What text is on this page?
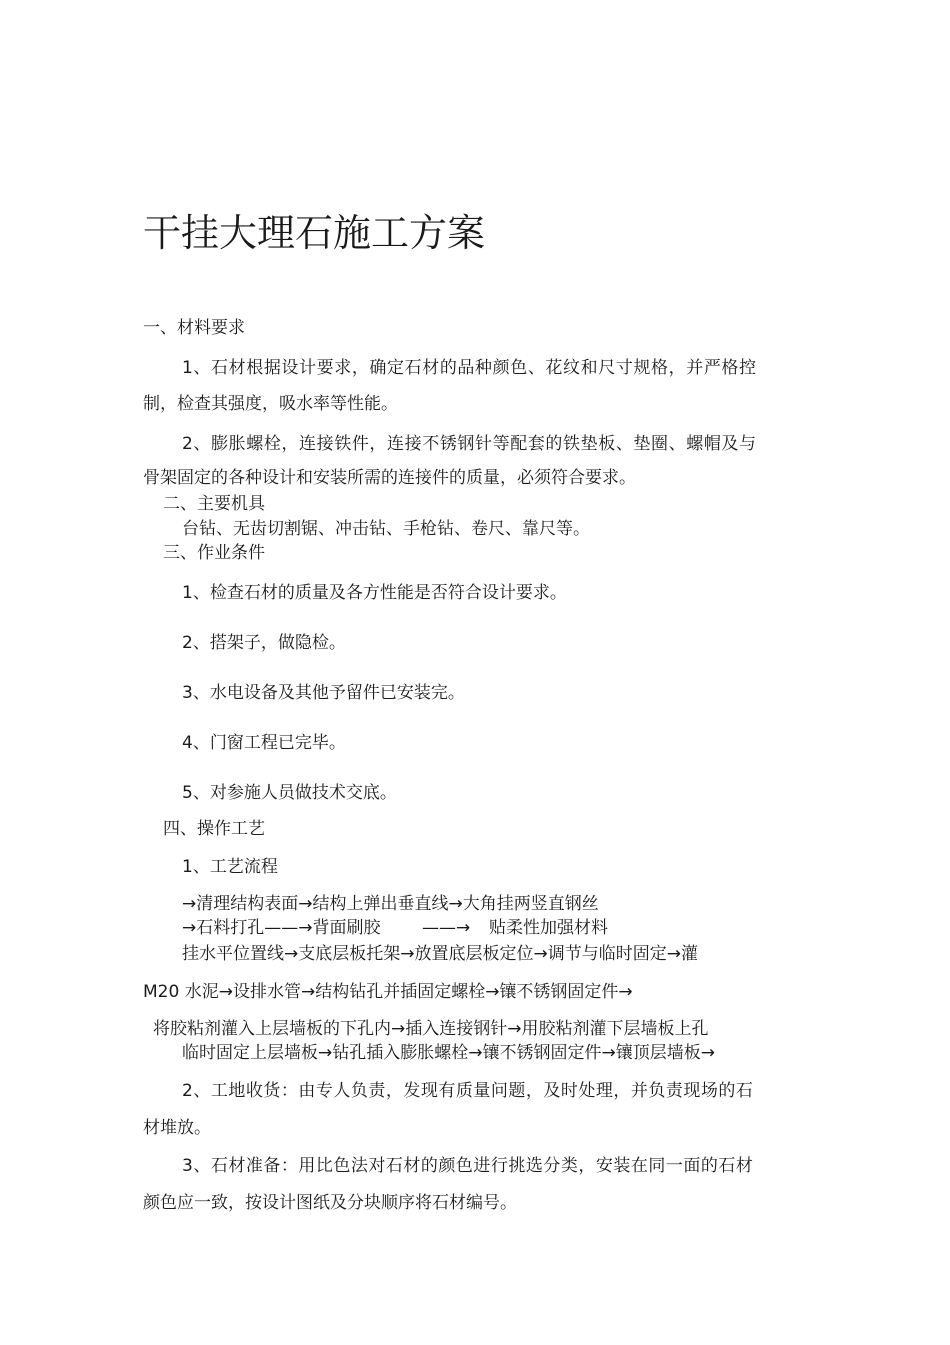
干挂大理石施工方案
一、材料要求
1、石材根据设计要求，确定石材的品种颜色、花纹和尺寸规格，并严格控
制，检查其强度，吸水率等性能。
2、膨胀螺栓，连接铁件，连接不锈钢针等配套的铁垫板、垫圈、螺帽及与
骨架固定的各种设计和安装所需的连接件的质量，必须符合要求。
二、主要机具
台钻、无齿切割锯、冲击钻、手枪钻、卷尺、靠尺等。
三、作业条件
1、检查石材的质量及各方性能是否符合设计要求。
2、搭架子，做隐检。
3、水电设备及其他予留件已安装完。
4、门窗工程已完毕。
5、对参施人员做技术交底。
四、操作工艺
1、工艺流程
→清理结构表面→结构上弹出垂直线→大角挂两竖直钢丝
→石料打孔——→背面刷胶 ——→ 贴柔性加强材料
挂水平位置线→支底层板托架→放置底层板定位→调节与临时固定→灌
M20 水泥→设排水管→结构钻孔并插固定螺栓→镶不锈钢固定件→
将胶粘剂灌入上层墙板的下孔内→插入连接钢针→用胶粘剂灌下层墙板上孔
临时固定上层墙板→钻孔插入膨胀螺栓→镶不锈钢固定件→镶顶层墙板→
2、工地收货：由专人负责，发现有质量问题，及时处理，并负责现场的石
材堆放。
3、石材准备：用比色法对石材的颜色进行挑选分类，安装在同一面的石材
颜色应一致，按设计图纸及分块顺序将石材编号。
